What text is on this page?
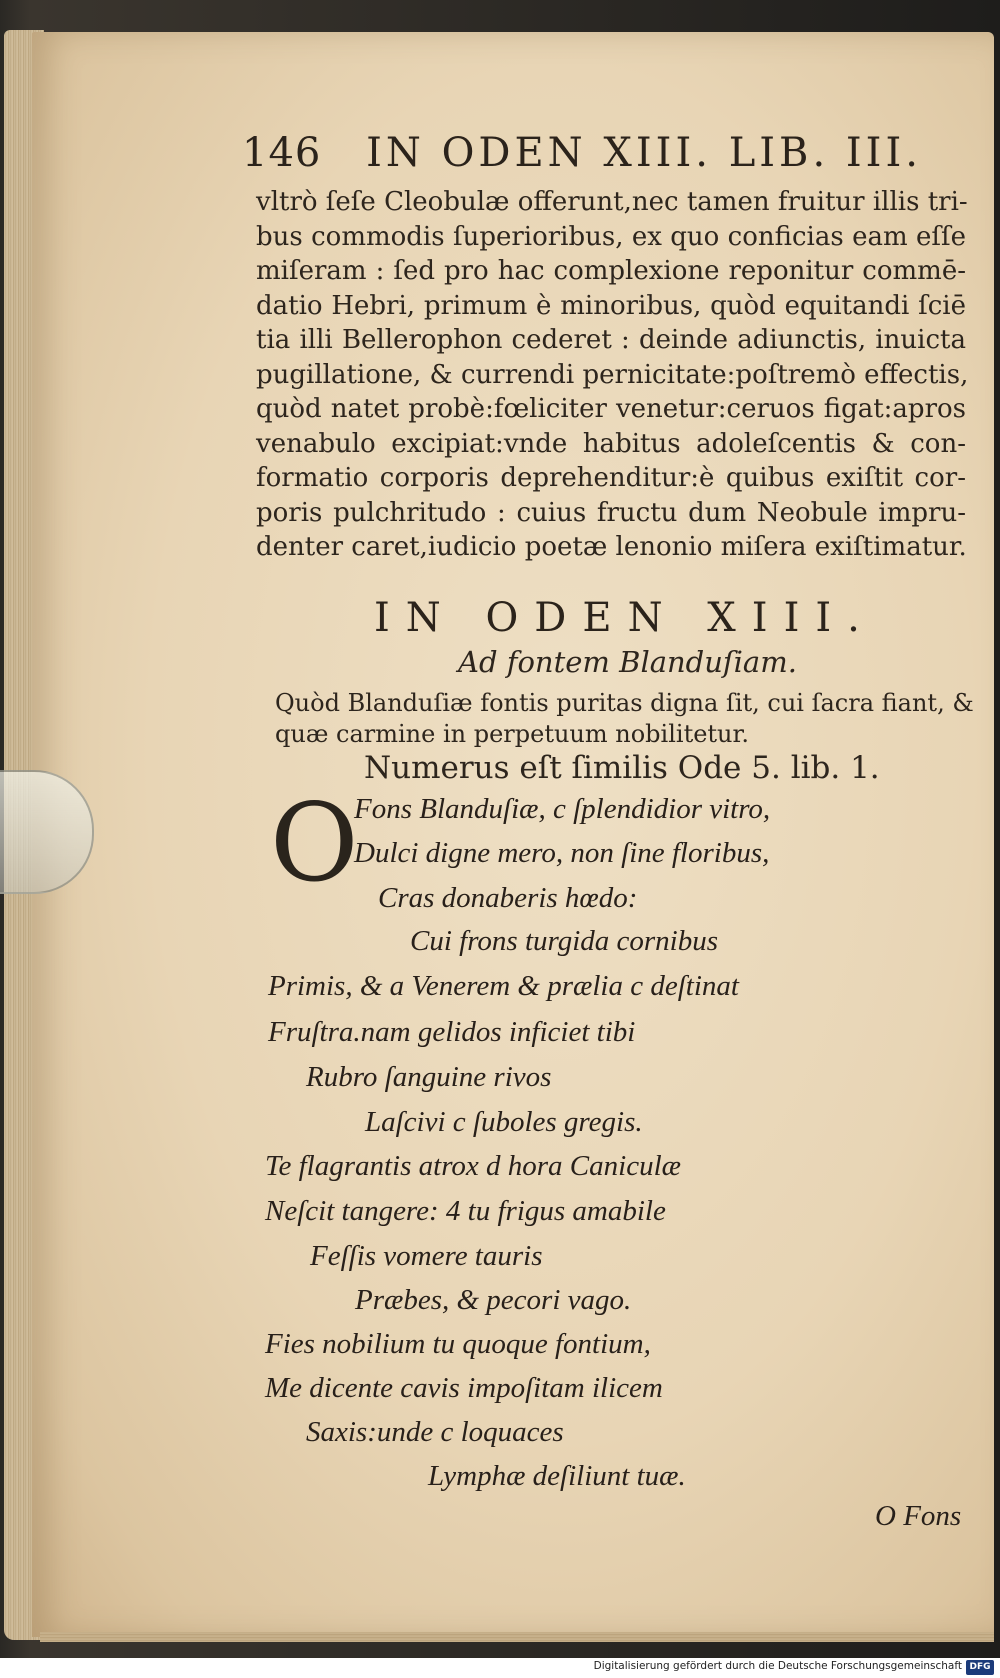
146 IN ODEN XIII. LIB. III.
vltrò ſeſe Cleobulæ offerunt,nec tamen fruitur illis tri-
bus commodis ſuperioribus, ex quo conficias eam eſſe
miſeram : ſed pro hac complexione reponitur commē-
datio Hebri, primum è minoribus, quòd equitandi ſciē
tia illi Bellerophon cederet : deinde adiunctis, inuicta
pugillatione, & currendi pernicitate:poſtremò effectis,
quòd natet probè:fœliciter venetur:ceruos figat:apros
venabulo excipiat:vnde habitus adoleſcentis & con-
formatio corporis deprehenditur:è quibus exiſtit cor-
poris pulchritudo : cuius fructu dum Neobule impru-
denter caret,iudicio poetæ lenonio miſera exiſtimatur.
IN ODEN XIII.
Ad fontem Blanduſiam.
Quòd Blanduſiæ fontis puritas digna ſit, cui ſacra fiant, &
quæ carmine in perpetuum nobilitetur.
Numerus eſt ſimilis Ode 5. lib. 1.
O
Fons Blanduſiæ, c ſplendidior vitro,
Dulci digne mero, non ſine floribus,
Cras donaberis hœdo:
Cui frons turgida cornibus
Primis, & a Venerem & prælia c deſtinat
Fruſtra.nam gelidos inficiet tibi
Rubro ſanguine rivos
Laſcivi c ſuboles gregis.
Te flagrantis atrox d hora Caniculæ
Neſcit tangere: 4 tu frigus amabile
Feſſis vomere tauris
Præbes, & pecori vago.
Fies nobilium tu quoque fontium,
Me dicente cavis impoſitam ilicem
Saxis:unde c loquaces
Lymphæ deſiliunt tuæ.
O Fons
Digitalisierung gefördert durch die Deutsche Forschungsgemeinschaft DFG
